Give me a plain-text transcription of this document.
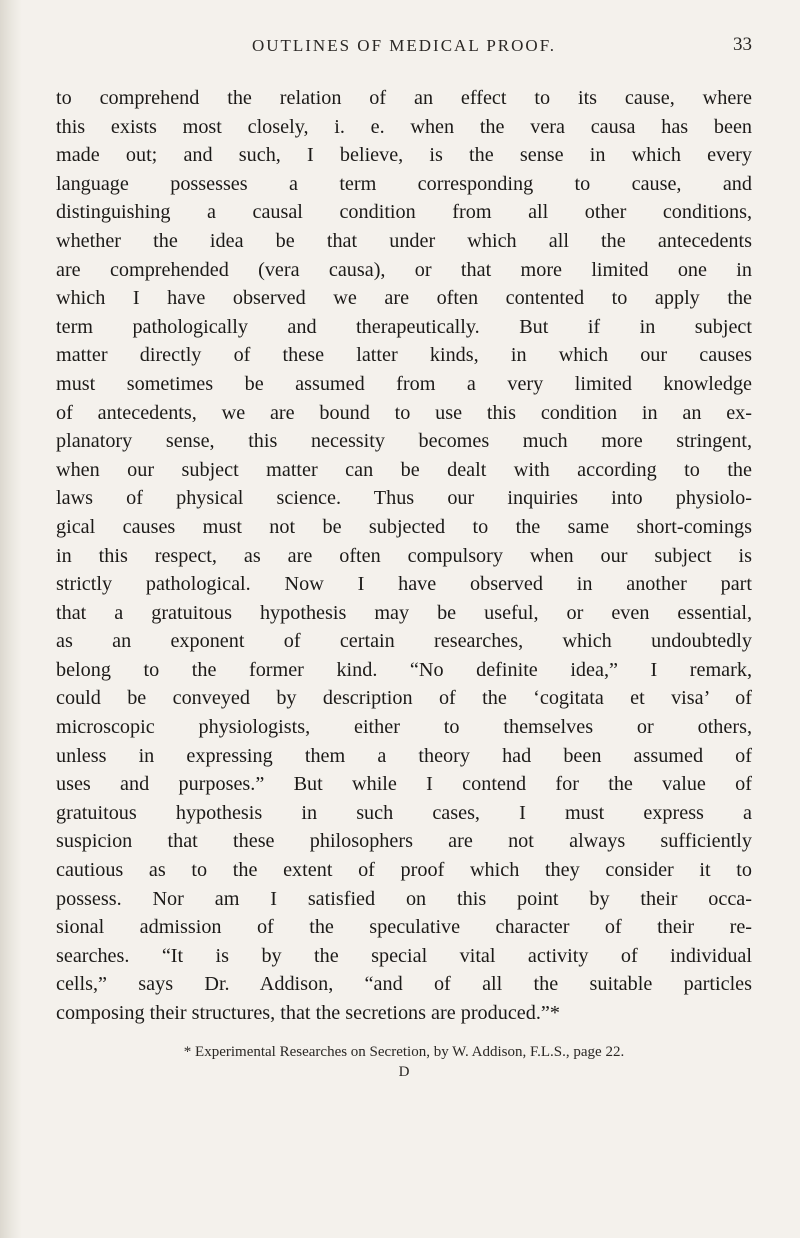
OUTLINES OF MEDICAL PROOF.	33
to comprehend the relation of an effect to its cause, where
this exists most closely, i. e. when the vera causa has been
made out; and such, I believe, is the sense in which every
language possesses a term corresponding to cause, and
distinguishing a causal condition from all other conditions,
whether the idea be that under which all the antecedents
are comprehended (vera causa), or that more limited one in
which I have observed we are often contented to apply the
term pathologically and therapeutically. But if in subject
matter directly of these latter kinds, in which our causes
must sometimes be assumed from a very limited knowledge
of antecedents, we are bound to use this condition in an ex-
planatory sense, this necessity becomes much more stringent,
when our subject matter can be dealt with according to the
laws of physical science. Thus our inquiries into physiolo-
gical causes must not be subjected to the same short-comings
in this respect, as are often compulsory when our subject is
strictly pathological. Now I have observed in another part
that a gratuitous hypothesis may be useful, or even essential,
as an exponent of certain researches, which undoubtedly
belong to the former kind. “No definite idea,” I remark,
could be conveyed by description of the ‘cogitata et visa’ of
microscopic physiologists, either to themselves or others,
unless in expressing them a theory had been assumed of
uses and purposes.” But while I contend for the value of
gratuitous hypothesis in such cases, I must express a
suspicion that these philosophers are not always sufficiently
cautious as to the extent of proof which they consider it to
possess. Nor am I satisfied on this point by their occa-
sional admission of the speculative character of their re-
searches. “It is by the special vital activity of individual
cells,” says Dr. Addison, “and of all the suitable particles
composing their structures, that the secretions are produced.”*
* Experimental Researches on Secretion, by W. Addison, F.L.S., page 22.
D
